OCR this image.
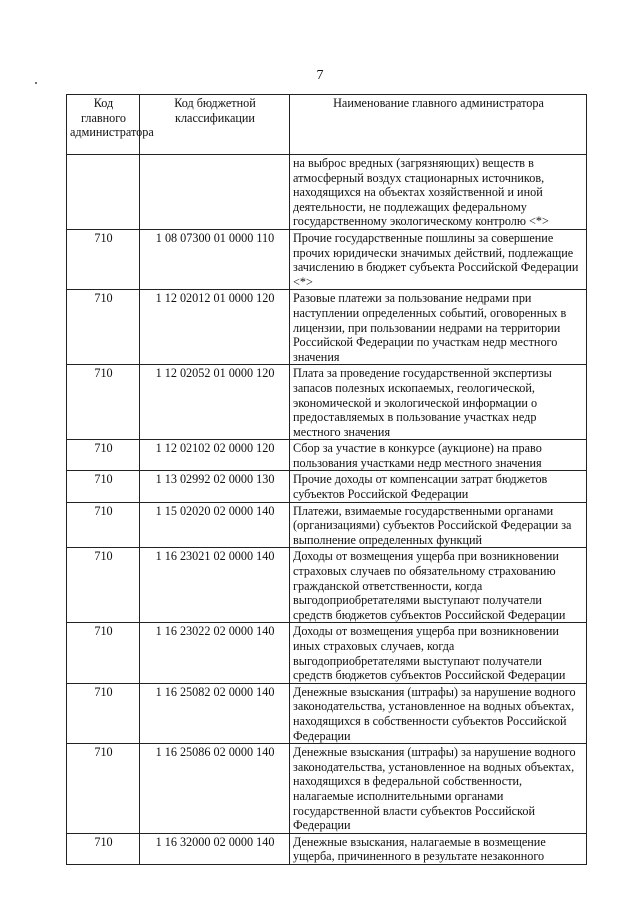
7
Код главного администратора	Код бюджетной классификации	Наименование главного администратора
		на выброс вредных (загрязняющих) веществ в атмосферный воздух стационарных источников, находящихся на объектах хозяйственной и иной деятельности, не подлежащих федеральному государственному экологическому контролю <*>
710	1 08 07300 01 0000 110	Прочие государственные пошлины за совершение прочих юридически значимых действий, подлежащие зачислению в бюджет субъекта Российской Федерации <*>
710	1 12 02012 01 0000 120	Разовые платежи за пользование недрами при наступлении определенных событий, оговоренных в лицензии, при пользовании недрами на территории Российской Федерации по участкам недр местного значения
710	1 12 02052 01 0000 120	Плата за проведение государственной экспертизы запасов полезных ископаемых, геологической, экономической и экологической информации о предоставляемых в пользование участках недр местного значения
710	1 12 02102 02 0000 120	Сбор за участие в конкурсе (аукционе) на право пользования участками недр местного значения
710	1 13 02992 02 0000 130	Прочие доходы от компенсации затрат бюджетов субъектов Российской Федерации
710	1 15 02020 02 0000 140	Платежи, взимаемые государственными органами (организациями) субъектов Российской Федерации за выполнение определенных функций
710	1 16 23021 02 0000 140	Доходы от возмещения ущерба при возникновении страховых случаев по обязательному страхованию гражданской ответственности, когда выгодоприобретателями выступают получатели средств бюджетов субъектов Российской Федерации
710	1 16 23022 02 0000 140	Доходы от возмещения ущерба при возникновении иных страховых случаев, когда выгодоприобретателями выступают получатели средств бюджетов субъектов Российской Федерации
710	1 16 25082 02 0000 140	Денежные взыскания (штрафы) за нарушение водного законодательства, установленное на водных объектах, находящихся в собственности субъектов Российской Федерации
710	1 16 25086 02 0000 140	Денежные взыскания (штрафы) за нарушение водного законодательства, установленное на водных объектах, находящихся в федеральной собственности, налагаемые исполнительными органами государственной власти субъектов Российской Федерации
710	1 16 32000 02 0000 140	Денежные взыскания, налагаемые в возмещение ущерба, причиненного в результате незаконного
